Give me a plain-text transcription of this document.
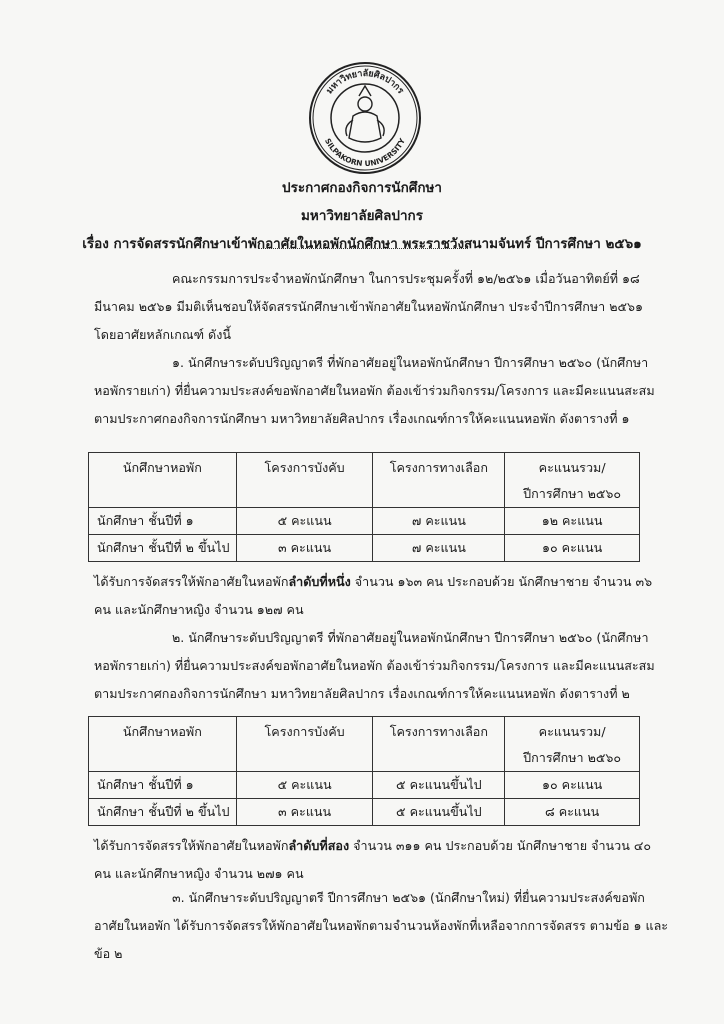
มหาวิทยาลัยศิลปากร
SILPAKORN UNIVERSITY
ประกาศกองกิจการนักศึกษา
มหาวิทยาลัยศิลปากร
เรื่อง การจัดสรรนักศึกษาเข้าพักอาศัยในหอพักนักศึกษา พระราชวังสนามจันทร์ ปีการศึกษา ๒๕๖๑

คณะกรรมการประจำหอพักนักศึกษา ในการประชุมครั้งที่ ๑๒/๒๕๖๑ เมื่อวันอาทิตย์ที่ ๑๘

มีนาคม ๒๕๖๑ มีมติเห็นชอบให้จัดสรรนักศึกษาเข้าพักอาศัยในหอพักนักศึกษา ประจำปีการศึกษา ๒๕๖๑

โดยอาศัยหลักเกณฑ์ ดังนี้

๑. นักศึกษาระดับปริญญาตรี ที่พักอาศัยอยู่ในหอพักนักศึกษา ปีการศึกษา ๒๕๖๐ (นักศึกษา

หอพักรายเก่า) ที่ยื่นความประสงค์ขอพักอาศัยในหอพัก ต้องเข้าร่วมกิจกรรม/โครงการ และมีคะแนนสะสม

ตามประกาศกองกิจการนักศึกษา มหาวิทยาลัยศิลปากร เรื่องเกณฑ์การให้คะแนนหอพัก ดังตารางที่ ๑

นักศึกษาหอพัก	โครงการบังคับ	โครงการทางเลือก	คะแนนรวม/
ปีการศึกษา ๒๕๖๐
นักศึกษา ชั้นปีที่ ๑	๕ คะแนน	๗ คะแนน	๑๒ คะแนน
นักศึกษา ชั้นปีที่ ๒ ขึ้นไป	๓ คะแนน	๗ คะแนน	๑๐ คะแนน

ได้รับการจัดสรรให้พักอาศัยในหอพักลำดับที่หนึ่ง จำนวน ๑๖๓ คน ประกอบด้วย นักศึกษาชาย จำนวน ๓๖

คน และนักศึกษาหญิง จำนวน ๑๒๗ คน

๒. นักศึกษาระดับปริญญาตรี ที่พักอาศัยอยู่ในหอพักนักศึกษา ปีการศึกษา ๒๕๖๐ (นักศึกษา

หอพักรายเก่า) ที่ยื่นความประสงค์ขอพักอาศัยในหอพัก ต้องเข้าร่วมกิจกรรม/โครงการ และมีคะแนนสะสม

ตามประกาศกองกิจการนักศึกษา มหาวิทยาลัยศิลปากร เรื่องเกณฑ์การให้คะแนนหอพัก ดังตารางที่ ๒

นักศึกษาหอพัก	โครงการบังคับ	โครงการทางเลือก	คะแนนรวม/
ปีการศึกษา ๒๕๖๐
นักศึกษา ชั้นปีที่ ๑	๕ คะแนน	๕ คะแนนขึ้นไป	๑๐ คะแนน
นักศึกษา ชั้นปีที่ ๒ ขึ้นไป	๓ คะแนน	๕ คะแนนขึ้นไป	๘ คะแนน

ได้รับการจัดสรรให้พักอาศัยในหอพักลำดับที่สอง จำนวน ๓๑๑ คน ประกอบด้วย นักศึกษาชาย จำนวน ๔๐

คน และนักศึกษาหญิง จำนวน ๒๗๑ คน

๓. นักศึกษาระดับปริญญาตรี ปีการศึกษา ๒๕๖๑ (นักศึกษาใหม่) ที่ยื่นความประสงค์ขอพัก

อาศัยในหอพัก ได้รับการจัดสรรให้พักอาศัยในหอพักตามจำนวนห้องพักที่เหลือจากการจัดสรร ตามข้อ ๑ และ

ข้อ ๒
